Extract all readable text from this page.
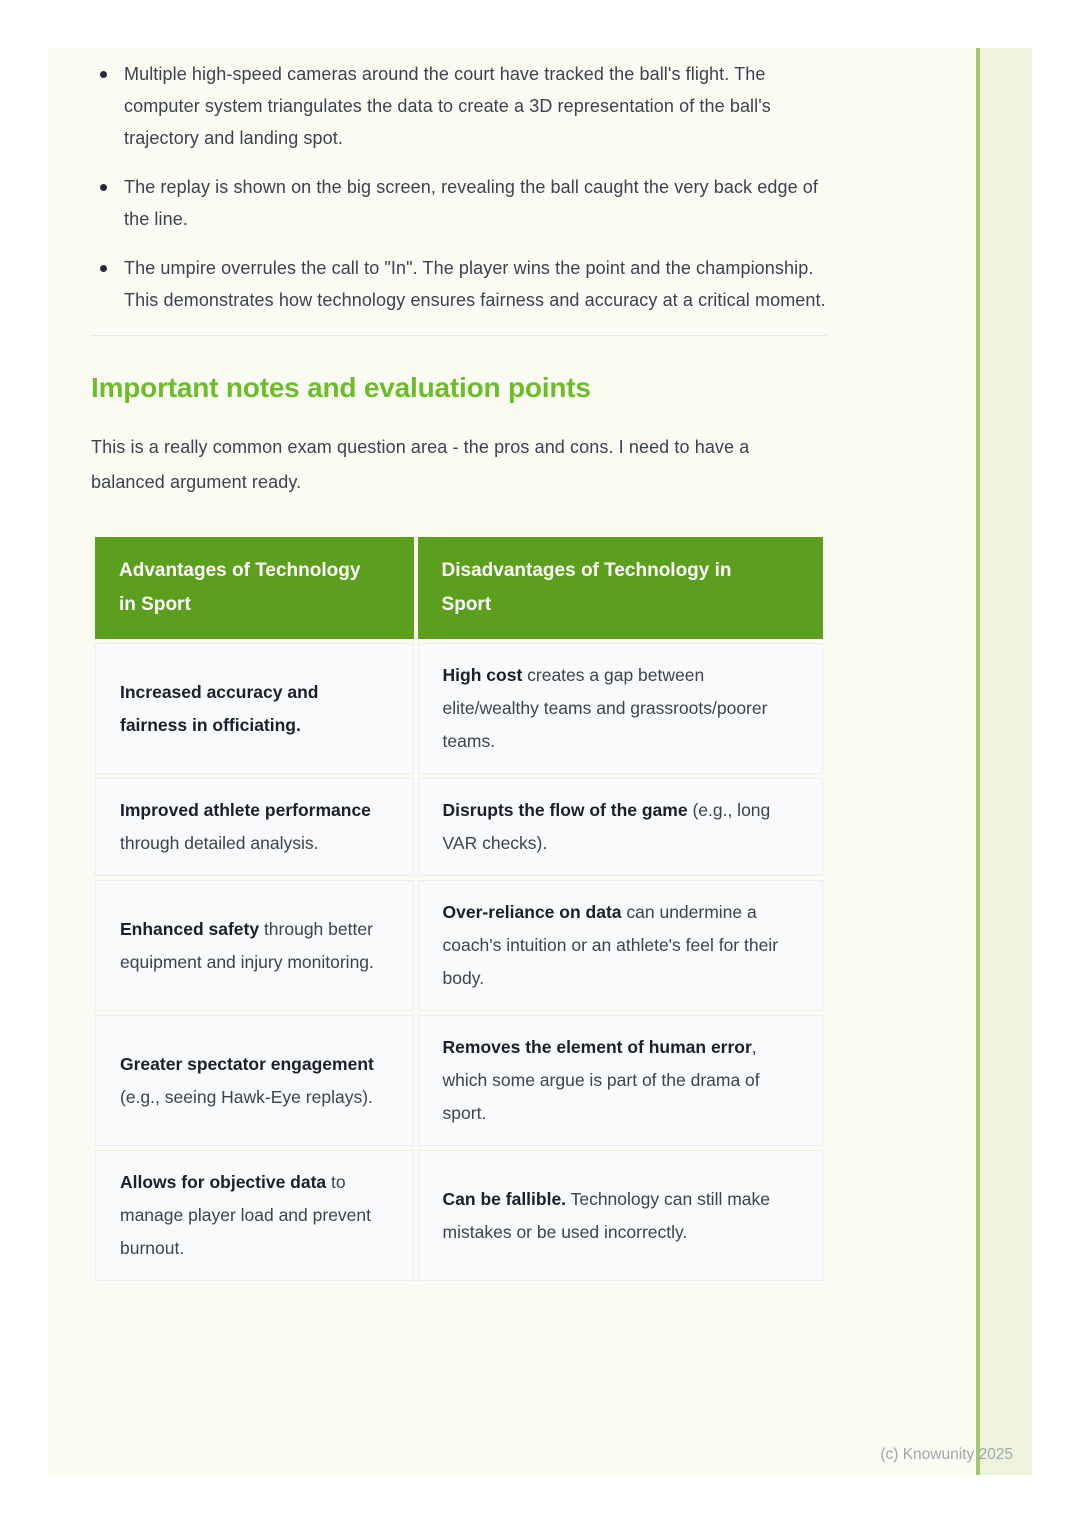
Multiple high-speed cameras around the court have tracked the ball's flight. The computer system triangulates the data to create a 3D representation of the ball's trajectory and landing spot.
The replay is shown on the big screen, revealing the ball caught the very back edge of the line.
The umpire overrules the call to "In". The player wins the point and the championship. This demonstrates how technology ensures fairness and accuracy at a critical moment.
Important notes and evaluation points

This is a really common exam question area - the pros and cons. I need to have a balanced argument ready.

Advantages of Technology in Sport	Disadvantages of Technology in Sport
Increased accuracy and fairness in officiating.	High cost creates a gap between elite/wealthy teams and grassroots/poorer teams.
Improved athlete performance through detailed analysis.	Disrupts the flow of the game (e.g., long VAR checks).
Enhanced safety through better equipment and injury monitoring.	Over-reliance on data can undermine a coach's intuition or an athlete's feel for their body.
Greater spectator engagement (e.g., seeing Hawk-Eye replays).	Removes the element of human error, which some argue is part of the drama of sport.
Allows for objective data to manage player load and prevent burnout.	Can be fallible. Technology can still make mistakes or be used incorrectly.
(c) Knowunity 2025
